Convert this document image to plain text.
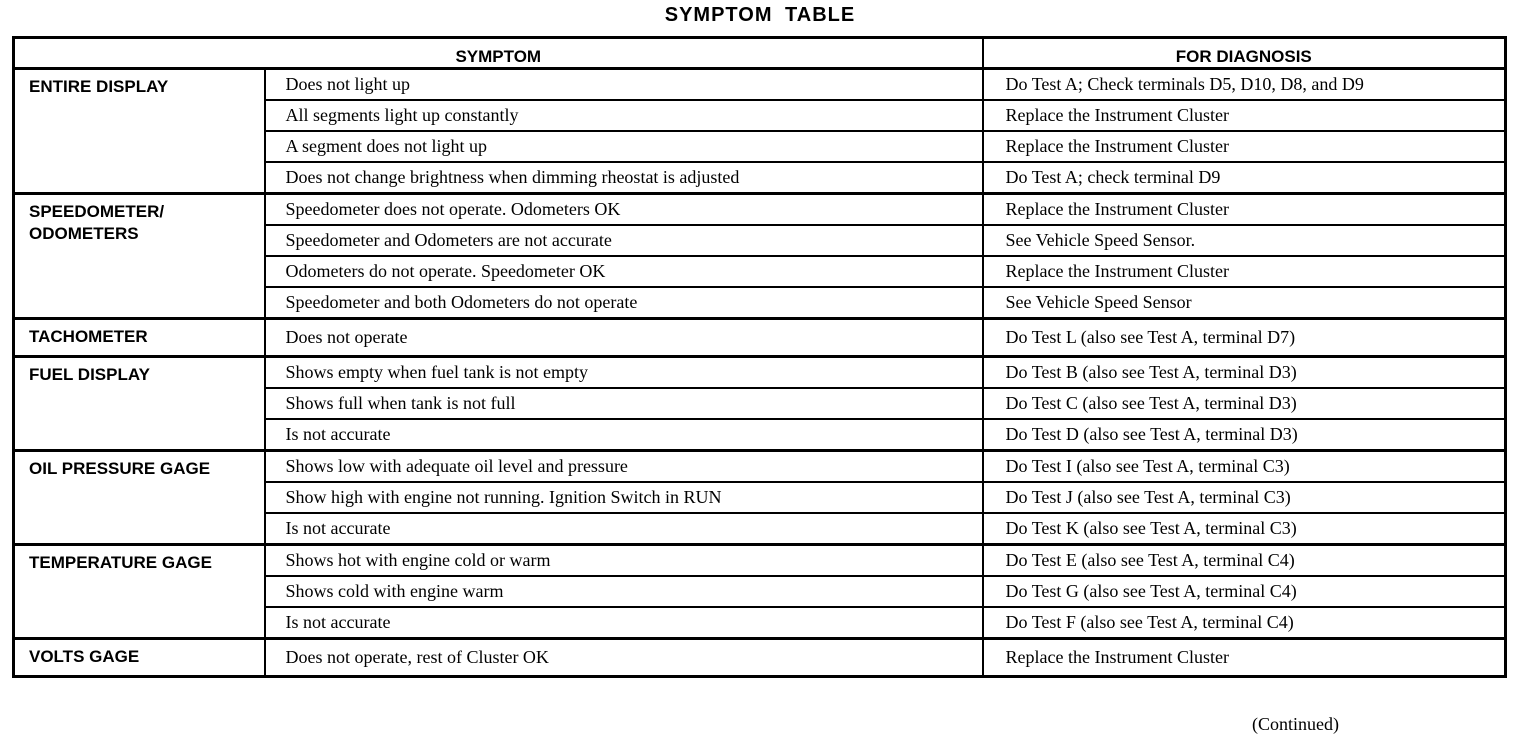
SYMPTOM TABLE
SYMPTOM		FOR DIAGNOSIS
ENTIRE DISPLAY	Does not light up	Do Test A; Check terminals D5, D10, D8, and D9
	All segments light up constantly	Replace the Instrument Cluster
	A segment does not light up	Replace the Instrument Cluster
	Does not change brightness when dimming rheostat is adjusted	Do Test A; check terminal D9
SPEEDOMETER/ ODOMETERS	Speedometer does not operate. Odometers OK	Replace the Instrument Cluster
	Speedometer and Odometers are not accurate	See Vehicle Speed Sensor.
	Odometers do not operate. Speedometer OK	Replace the Instrument Cluster
	Speedometer and both Odometers do not operate	See Vehicle Speed Sensor
TACHOMETER	Does not operate	Do Test L (also see Test A, terminal D7)
FUEL DISPLAY	Shows empty when fuel tank is not empty	Do Test B (also see Test A, terminal D3)
	Shows full when tank is not full	Do Test C (also see Test A, terminal D3)
	Is not accurate	Do Test D (also see Test A, terminal D3)
OIL PRESSURE GAGE	Shows low with adequate oil level and pressure	Do Test I (also see Test A, terminal C3)
	Show high with engine not running. Ignition Switch in RUN	Do Test J (also see Test A, terminal C3)
	Is not accurate	Do Test K (also see Test A, terminal C3)
TEMPERATURE GAGE	Shows hot with engine cold or warm	Do Test E (also see Test A, terminal C4)
	Shows cold with engine warm	Do Test G (also see Test A, terminal C4)
	Is not accurate	Do Test F (also see Test A, terminal C4)
VOLTS GAGE	Does not operate, rest of Cluster OK	Replace the Instrument Cluster
(Continued)
